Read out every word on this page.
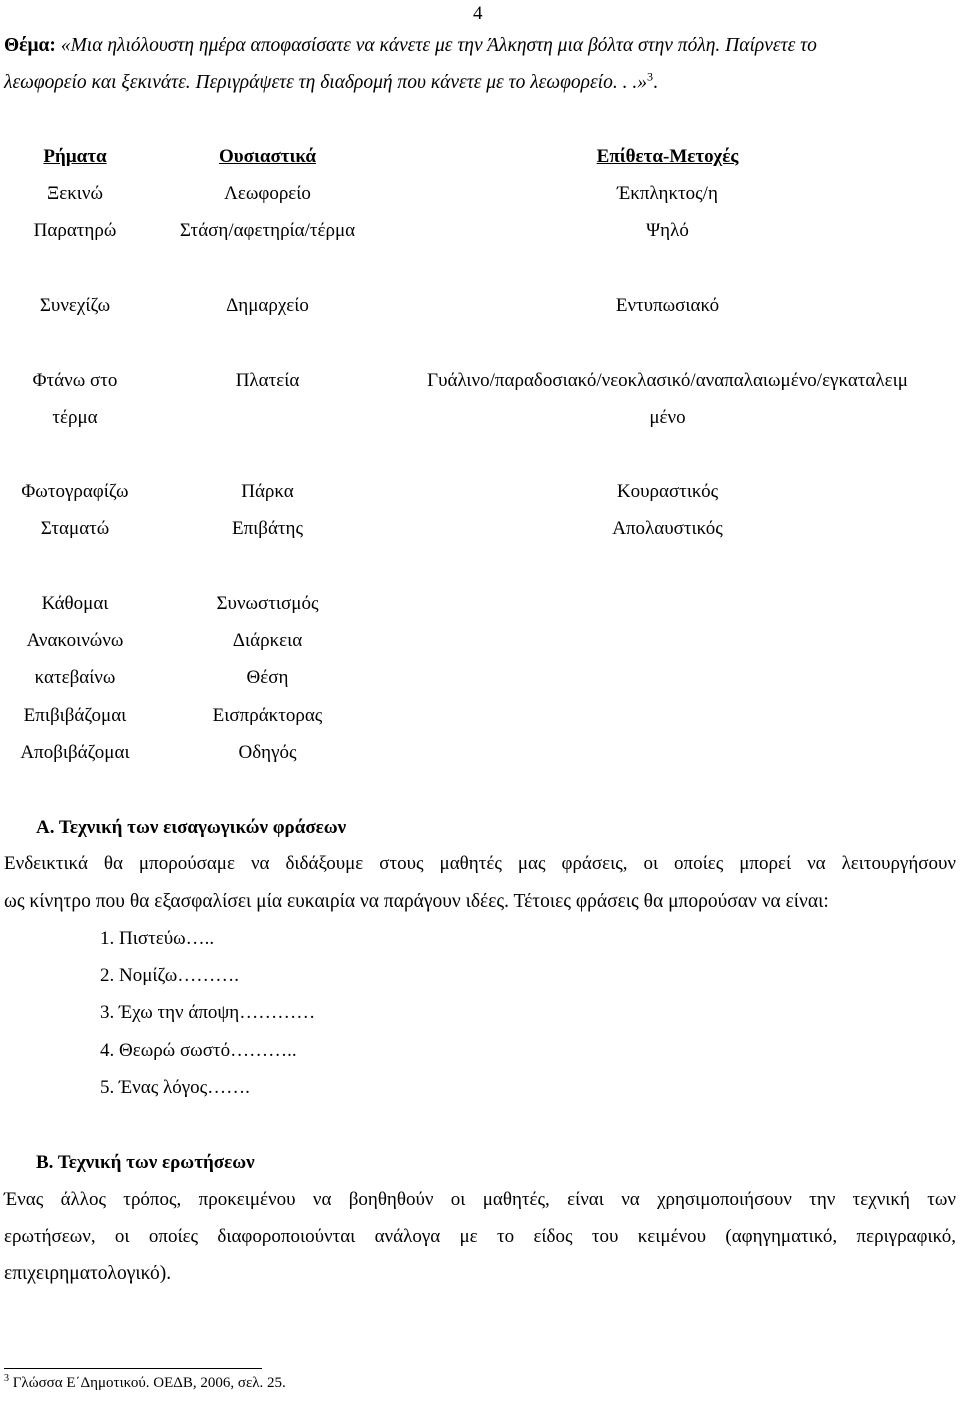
4
Θέμα: «Μια ηλιόλουστη ημέρα αποφασίσατε να κάνετε με την Άλκηστη μια βόλτα στην πόλη. Παίρνετε το
λεωφορείο και ξεκινάτε. Περιγράψετε τη διαδρομή που κάνετε με το λεωφορείο. . .»$^3$.
Ρήματα	Ουσιαστικά	Επίθετα-Μετοχές
Ξεκινώ	Λεωφορείο	Έκπληκτος/η
Παρατηρώ	Στάση/αφετηρία/τέρμα	Ψηλό
Συνεχίζω	Δημαρχείο	Εντυπωσιακό
Φτάνω στο	Πλατεία	Γυάλινο/παραδοσιακό/νεοκλασικό/αναπαλαιωμένο/εγκαταλειμ
τέρμα	μένο
Φωτογραφίζω	Πάρκα	Κουραστικός
Σταματώ	Επιβάτης	Απολαυστικός
Κάθομαι	Συνωστισμός
Ανακοινώνω	Διάρκεια
κατεβαίνω	Θέση
Επιβιβάζομαι	Εισπράκτορας
Αποβιβάζομαι	Οδηγός
Α. Τεχνική των εισαγωγικών φράσεων
Ενδεικτικά θα μπορούσαμε να διδάξουμε στους μαθητές μας φράσεις, οι οποίες μπορεί να λειτουργήσουν
ως κίνητρο που θα εξασφαλίσει μία ευκαιρία να παράγουν ιδέες. Τέτοιες φράσεις θα μπορούσαν να είναι:
1. Πιστεύω…..
2. Νομίζω……….
3. Έχω την άποψη…………
4. Θεωρώ σωστό………..
5. Ένας λόγος…….
Β. Τεχνική των ερωτήσεων
Ένας άλλος τρόπος, προκειμένου να βοηθηθούν οι μαθητές, είναι να χρησιμοποιήσουν την τεχνική των
ερωτήσεων, οι οποίες διαφοροποιούνται ανάλογα με το είδος του κειμένου (αφηγηματικό, περιγραφικό,
επιχειρηματολογικό).
$^3$ Γλώσσα Ε΄Δημοτικού. ΟΕΔΒ, 2006, σελ. 25.
